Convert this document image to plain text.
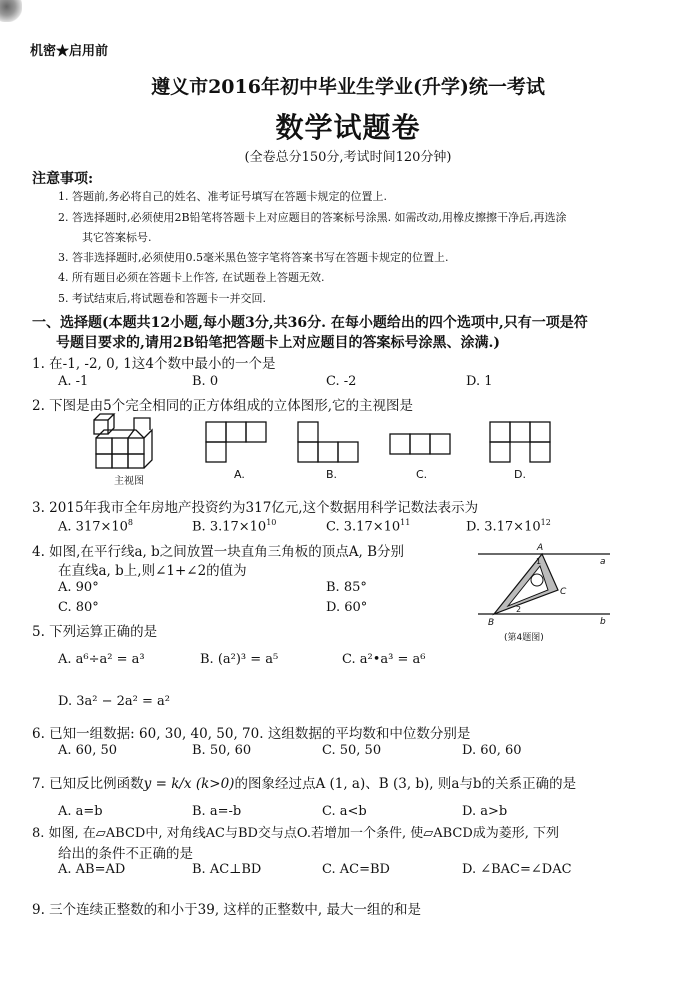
机密★启用前
遵义市2016年初中毕业生学业(升学)统一考试
数学试题卷
(全卷总分150分,考试时间120分钟)
注意事项:
1. 答题前,务必将自己的姓名、准考证号填写在答题卡规定的位置上.
2. 答选择题时,必须使用2B铅笔将答题卡上对应题目的答案标号涂黑. 如需改动,用橡皮擦擦干净后,再选涂
其它答案标号.
3. 答非选择题时,必须使用0.5毫米黑色签字笔将答案书写在答题卡规定的位置上.
4. 所有题目必须在答题卡上作答, 在试题卷上答题无效.
5. 考试结束后,将试题卷和答题卡一并交回.
一、选择题(本题共12小题,每小题3分,共36分. 在每小题给出的四个选项中,只有一项是符
号题目要求的,请用2B铅笔把答题卡上对应题目的答案标号涂黑、涂满.)
1. 在-1, -2, 0, 1这4个数中最小的一个是
A. -1	B. 0	C. -2	D. 1
2. 下图是由5个完全相同的正方体组成的立体图形,它的主视图是
主视图
A.	B.	C.	D.
3. 2015年我市全年房地产投资约为317亿元,这个数据用科学记数法表示为
A. $317\times 10^8$	B. $3.17\times 10^{10}$	C. $3.17\times 10^{11}$	D. $3.17\times 10^{12}$
4. 如图,在平行线a, b之间放置一块直角三角板的顶点A, B分别
在直线a, b上,则∠1+∠2的值为
A. 90°	B. 85°
C. 80°	D. 60°
A
B
C
a
b
1
2
(第4题图)
5. 下列运算正确的是
A. a⁶÷a² = a³	B. (a²)³ = a⁵	C. a²•a³ = a⁶
D. 3a² − 2a² = a²
6. 已知一组数据: 60, 30, 40, 50, 70. 这组数据的平均数和中位数分别是
A. 60, 50	B. 50, 60	C. 50, 50	D. 60, 60
7. 已知反比例函数y = k/x (k>0)的图象经过点A (1, a)、B (3, b), 则a与b的关系正确的是
A. a=b	B. a=-b	C. a<b	D. a>b
8. 如图, 在▱ABCD中, 对角线AC与BD交与点O.若增加一个条件, 使▱ABCD成为菱形, 下列
给出的条件不正确的是
A. AB=AD	B. AC⊥BD	C. AC=BD	D. ∠BAC=∠DAC
9. 三个连续正整数的和小于39, 这样的正整数中, 最大一组的和是
